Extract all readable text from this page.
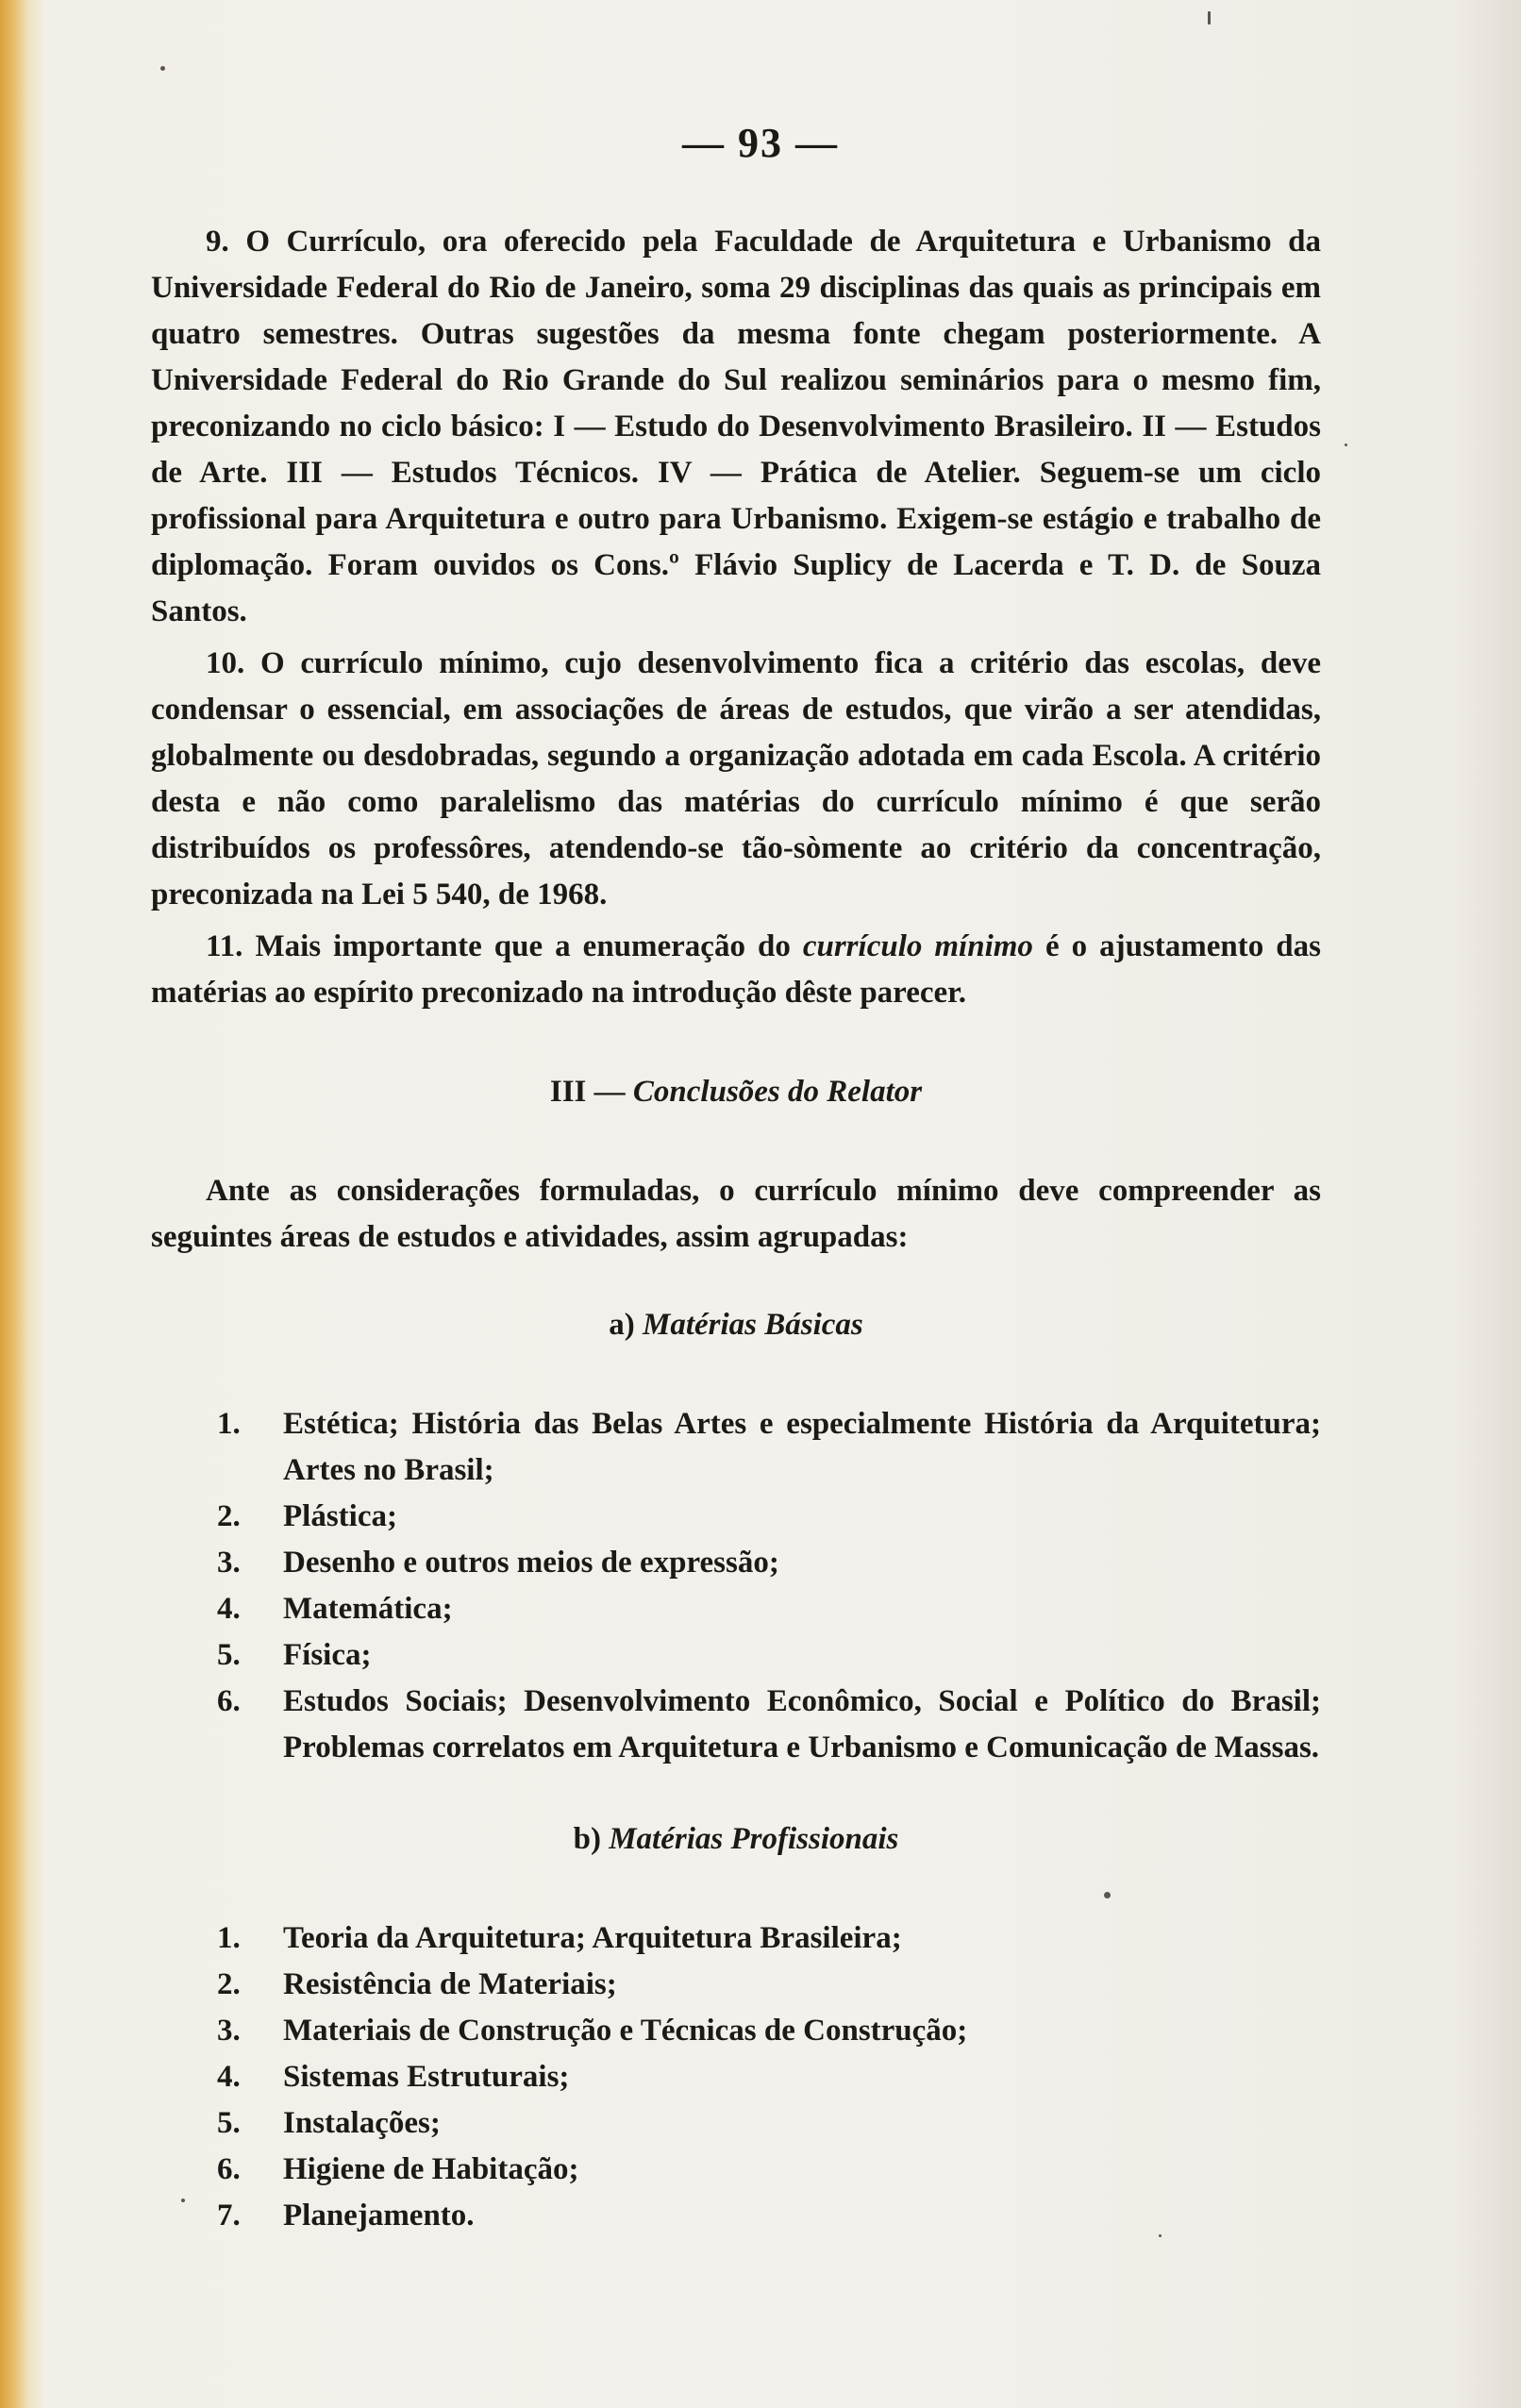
— 93 —

9. O Currículo, ora oferecido pela Faculdade de Arquitetura e Urbanismo da Universidade Federal do Rio de Janeiro, soma 29 disciplinas das quais as principais em quatro semestres. Outras sugestões da mesma fonte chegam posteriormente. A Universidade Federal do Rio Grande do Sul realizou seminários para o mesmo fim, preconizando no ciclo básico: I — Estudo do Desenvolvimento Brasileiro. II — Estudos de Arte. III — Estudos Técnicos. IV — Prática de Atelier. Seguem-se um ciclo profissional para Arquitetura e outro para Urbanismo. Exigem-se estágio e trabalho de diplomação. Foram ouvidos os Cons.º Flávio Suplicy de Lacerda e T. D. de Souza Santos.

10. O currículo mínimo, cujo desenvolvimento fica a critério das escolas, deve condensar o essencial, em associações de áreas de estudos, que virão a ser atendidas, globalmente ou desdobradas, segundo a organização adotada em cada Escola. A critério desta e não como paralelismo das matérias do currículo mínimo é que serão distribuídos os professôres, atendendo-se tão-sòmente ao critério da concentração, preconizada na Lei 5 540, de 1968.

11. Mais importante que a enumeração do currículo mínimo é o ajustamento das matérias ao espírito preconizado na introdução dêste parecer.

III — Conclusões do Relator

Ante as considerações formuladas, o currículo mínimo deve compreender as seguintes áreas de estudos e atividades, assim agrupadas:

a) Matérias Básicas
1. Estética; História das Belas Artes e especialmente História da Arquitetura; Artes no Brasil;
2. Plástica;
3. Desenho e outros meios de expressão;
4. Matemática;
5. Física;
6. Estudos Sociais; Desenvolvimento Econômico, Social e Político do Brasil; Problemas correlatos em Arquitetura e Urbanismo e Comunicação de Massas.
b) Matérias Profissionais
1. Teoria da Arquitetura; Arquitetura Brasileira;
2. Resistência de Materiais;
3. Materiais de Construção e Técnicas de Construção;
4. Sistemas Estruturais;
5. Instalações;
6. Higiene de Habitação;
7. Planejamento.
